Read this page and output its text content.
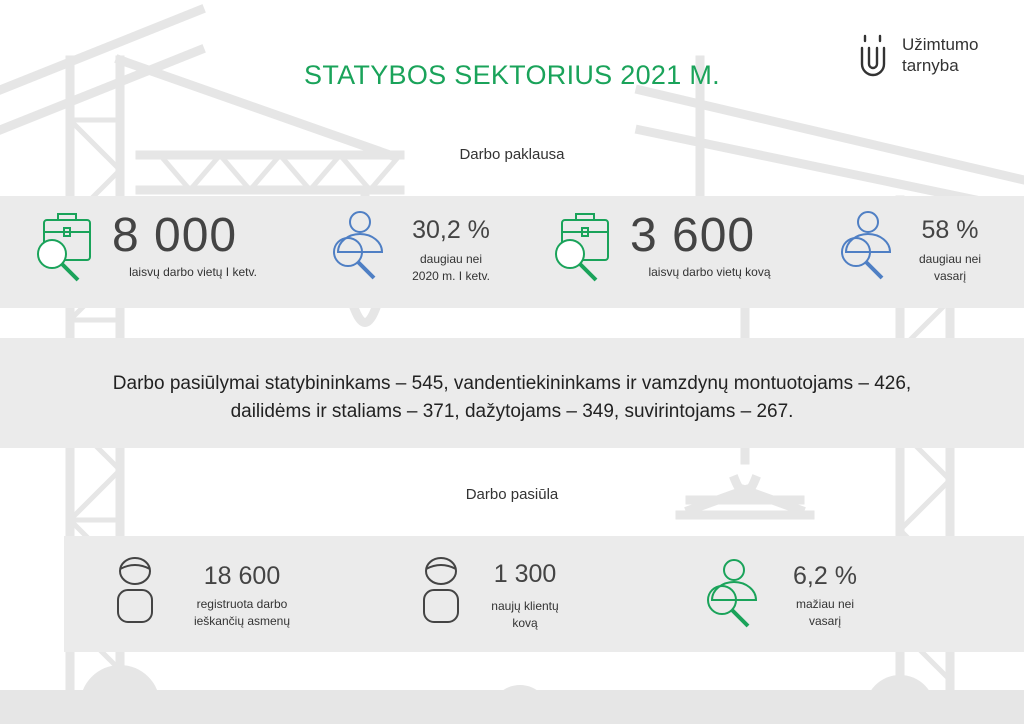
STATYBOS SEKTORIUS 2021 M.
Užimtumo
tarnyba
Darbo paklausa
8 000
laisvų darbo vietų I ketv.
30,2 %
daugiau nei
2020 m. I ketv.
3 600
laisvų darbo vietų kovą
58 %
daugiau nei
vasarį
Darbo pasiūlymai statybininkams – 545, vandentiekininkams ir vamzdynų montuotojams – 426,
dailidėms ir staliams – 371, dažytojams – 349, suvirintojams – 267.
Darbo pasiūla
18 600
registruota darbo
ieškančių asmenų
1 300
naujų klientų
kovą
6,2 %
mažiau nei
vasarį
